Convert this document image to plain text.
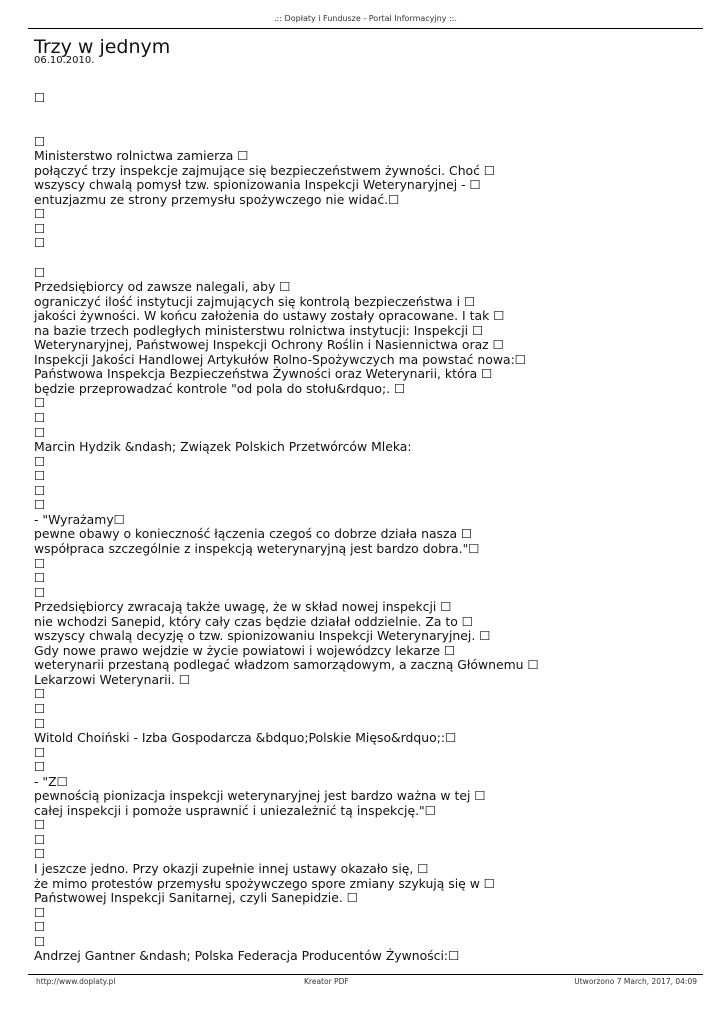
.:: Dopłaty i Fundusze - Portal Informacyjny ::.
Trzy w jednym
06.10.2010.
☐
☐
Ministerstwo rolnictwa zamierza ☐
połączyć trzy inspekcje zajmujące się bezpieczeństwem żywności. Choć ☐
wszyscy chwalą pomysł tzw. spionizowania Inspekcji Weterynaryjnej - ☐
entuzjazmu ze strony przemysłu spożywczego nie widać.☐
☐
☐
☐
☐
Przedsiębiorcy od zawsze nalegali, aby ☐
ograniczyć ilość instytucji zajmujących się kontrolą bezpieczeństwa i ☐
jakości żywności. W końcu założenia do ustawy zostały opracowane. I tak ☐
na bazie trzech podległych ministerstwu rolnictwa instytucji: Inspekcji ☐
Weterynaryjnej, Państwowej Inspekcji Ochrony Roślin i Nasiennictwa oraz ☐
Inspekcji Jakości Handlowej Artykułów Rolno-Spożywczych ma powstać nowa:☐
Państwowa Inspekcja Bezpieczeństwa Żywności oraz Weterynarii, która ☐
będzie przeprowadzać kontrole "od pola do stołu&rdquo;. ☐
☐
☐
☐
Marcin Hydzik &ndash; Związek Polskich Przetwórców Mleka:
☐
☐
☐
☐
- "Wyrażamy☐
pewne obawy o konieczność łączenia czegoś co dobrze działa nasza ☐
współpraca szczególnie z inspekcją weterynaryjną jest bardzo dobra."☐
☐
☐
☐
Przedsiębiorcy zwracają także uwagę, że w skład nowej inspekcji ☐
nie wchodzi Sanepid, który cały czas będzie działał oddzielnie. Za to ☐
wszyscy chwalą decyzję o tzw. spionizowaniu Inspekcji Weterynaryjnej. ☐
Gdy nowe prawo wejdzie w życie powiatowi i wojewódzcy lekarze ☐
weterynarii przestaną podlegać władzom samorządowym, a zaczną Głównemu ☐
Lekarzowi Weterynarii. ☐
☐
☐
☐
Witold Choiński - Izba Gospodarcza &bdquo;Polskie Mięso&rdquo;:☐
☐
☐
- "Z☐
pewnością pionizacja inspekcji weterynaryjnej jest bardzo ważna w tej ☐
całej inspekcji i pomoże usprawnić i uniezależnić tą inspekcję."☐
☐
☐
☐
I jeszcze jedno. Przy okazji zupełnie innej ustawy okazało się, ☐
że mimo protestów przemysłu spożywczego spore zmiany szykują się w ☐
Państwowej Inspekcji Sanitarnej, czyli Sanepidzie. ☐
☐
☐
☐
Andrzej Gantner &ndash; Polska Federacja Producentów Żywności:☐
http://www.doplaty.pl	Kreator PDF	Utworzono 7 March, 2017, 04:09
